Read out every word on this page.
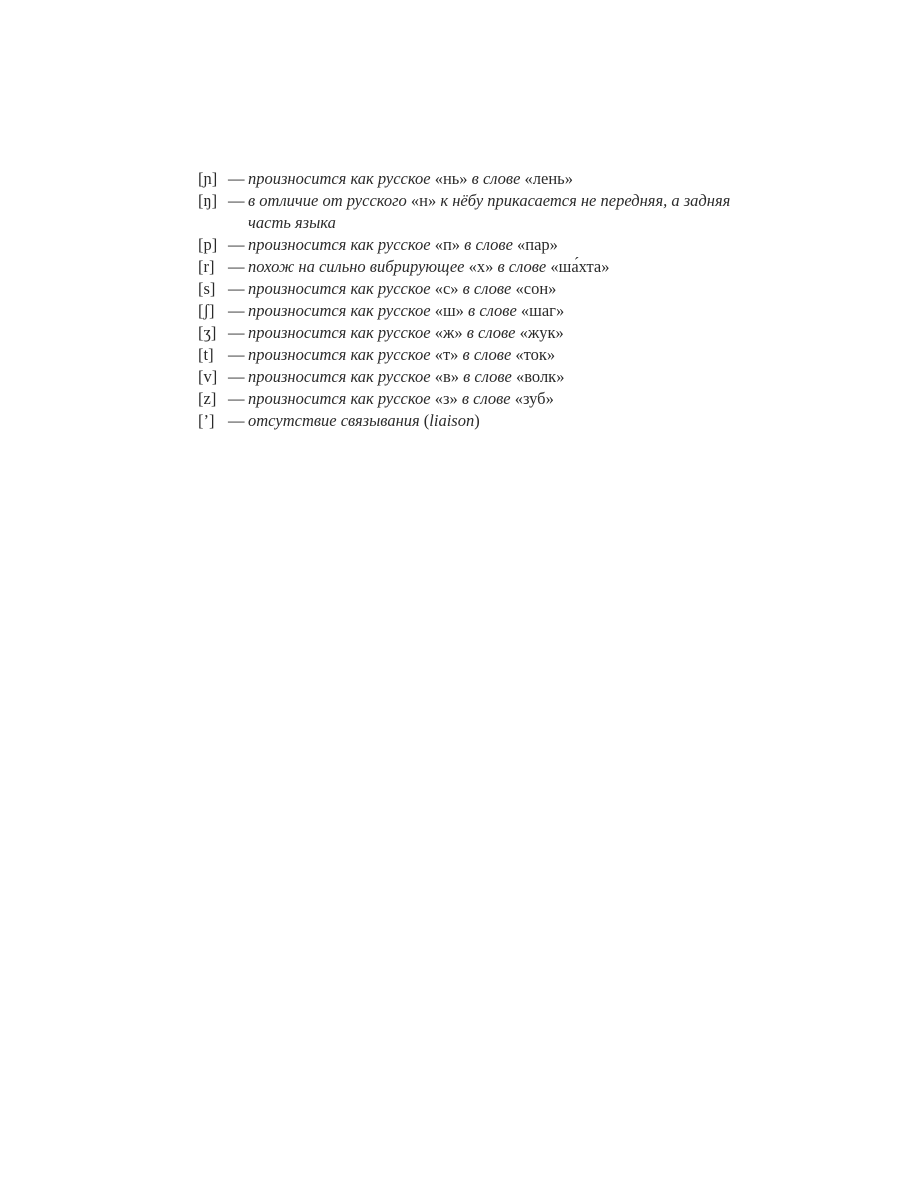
[ɲ] — произносится как русское «нь» в слове «лень»
[ŋ] — в отличие от русского «н» к нёбу прикасается не передняя, а задняя часть языка
[p] — произносится как русское «п» в слове «пар»
[r] — похож на сильно вибрирующее «х» в слове «ша́хта»
[s] — произносится как русское «с» в слове «сон»
[ʃ] — произносится как русское «ш» в слове «шаг»
[ʒ] — произносится как русское «ж» в слове «жук»
[t] — произносится как русское «т» в слове «ток»
[v] — произносится как русское «в» в слове «волк»
[z] — произносится как русское «з» в слове «зуб»
[’] — отсутствие связывания (liaison)
